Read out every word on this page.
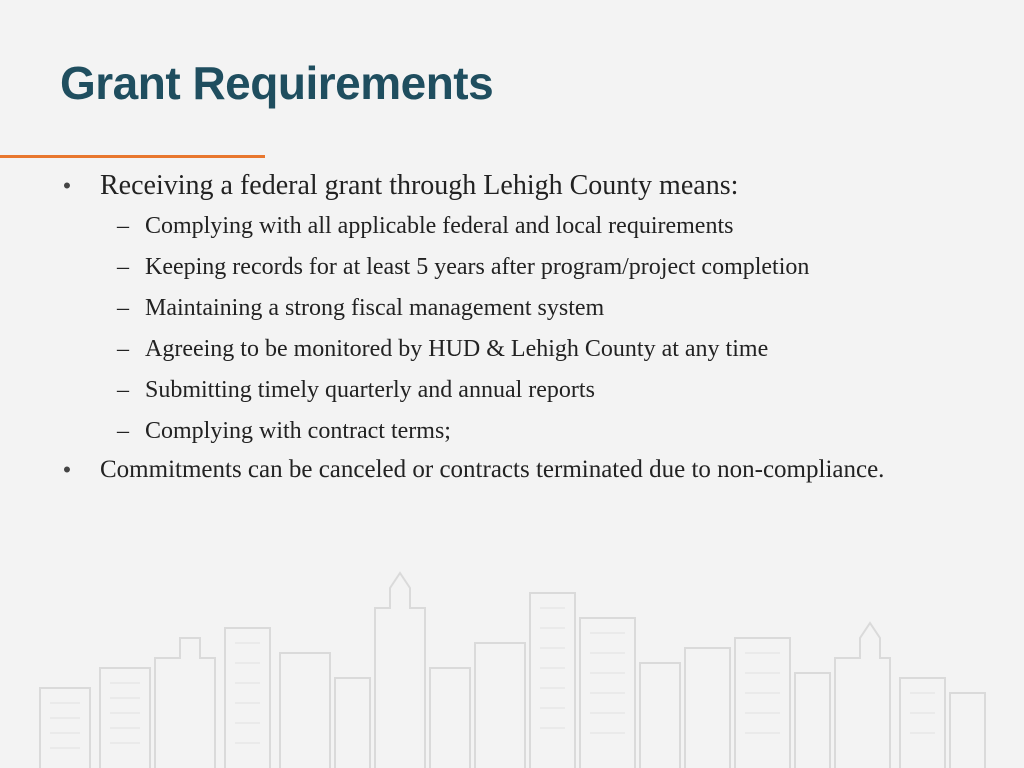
Grant Requirements
• Receiving a federal grant through Lehigh County means:
– Complying with all applicable federal and local requirements
– Keeping records for at least 5 years after program/project completion
– Maintaining a strong fiscal management system
– Agreeing to be monitored by HUD & Lehigh County at any time
– Submitting timely quarterly and annual reports
– Complying with contract terms;
• Commitments can be canceled or contracts terminated due to non-compliance.
